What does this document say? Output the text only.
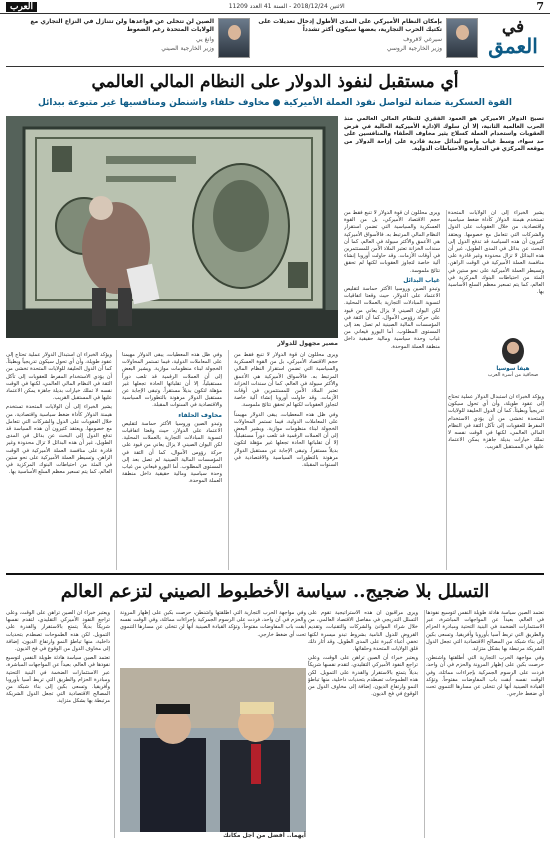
7
الاثنين 2018/12/24 - السنة 41 العدد 11209
العرب
في
العمق
بإمكان النظام الأميركي على المدى الأطول إدخال تعديلات على تكتيك الحرب التجارية، بعضها سيكون أكثر تشدداً
سيرغي لافروف
وزير الخارجية الروسي
الصين لن تتخلى عن قواعدها ولن تتنازل في النزاع التجاري مع الولايات المتحدة رغم الضغوط
وانغ يي
وزير الخارجية الصيني
أي مستقبل لنفوذ الدولار على النظام المالي العالمي
القوة العسكرية ضمانة لتواصل نفوذ العملة الأميركية ● مخاوف حلفاء واشنطن ومنافسيها غير متبوعة ببدائل
مصير مجهول للدولار
تصبح الدولار الأميركي هو العمود الفقري للنظام المالي العالمي منذ الحرب العالمية الثانية، إلا أن سلوك الإدارة الأميركية الحالية في فرض العقوبات واستخدام العملة كسلاح يثير مخاوف الحلفاء والمنافسين على حد سواء، وسط غياب واضح لبدائل جدية قادرة على إزاحة الدولار من موقعه المركزي في التجارة والاحتياطات الدولية.

يشير الخبراء إلى أن الولايات المتحدة تستخدم هيمنة الدولار كأداة ضغط سياسية واقتصادية، من خلال العقوبات على الدول والشركات التي تتعامل مع خصومها. ويعتقد كثيرون أن هذه السياسة قد تدفع الدول إلى البحث عن بدائل في المدى الطويل، غير أن هذه البدائل لا تزال محدودة وغير قادرة على منافسة العملة الأميركية في الوقت الراهن. وتسيطر العملة الأميركية على نحو ستين في المئة من احتياطات البنوك المركزية في العالم، كما يتم تسعير معظم السلع الأساسية بها.

ويرى محللون أن قوة الدولار لا تنبع فقط من حجم الاقتصاد الأميركي، بل من القوة العسكرية والسياسية التي تضمن استقرار النظام المالي المرتبط به. فالأسواق الأميركية هي الأعمق والأكثر سيولة في العالم، كما أن سندات الخزانة تعتبر الملاذ الآمن للمستثمرين في أوقات الأزمات. وقد حاولت أوروبا إنشاء آلية خاصة لتجاوز العقوبات لكنها لم تحقق نتائج ملموسة.

غياب البدائل

وتبدو الصين وروسيا الأكثر حماسة لتقليص الاعتماد على الدولار، حيث وقعتا اتفاقيات لتسوية المبادلات التجارية بالعملات المحلية. لكن اليوان الصيني لا يزال يعاني من قيود على حركة رؤوس الأموال، كما أن الثقة في المؤسسات المالية الصينية لم تصل بعد إلى المستوى المطلوب. أما اليورو فيعاني من غياب وحدة سياسية ومالية حقيقية داخل منطقة العملة الموحدة.

هيفا سوسيا
صحافية من أسرة العرب

ويؤكد الخبراء أن استبدال الدولار عملية تحتاج إلى عقود طويلة، وأن أي تحول سيكون تدريجياً وبطيئاً. كما أن الدول الحليفة للولايات المتحدة تخشى من أن يؤدي الاستخدام المفرط للعقوبات إلى تآكل الثقة في النظام المالي العالمي، لكنها في الوقت نفسه لا تملك خيارات بديلة جاهزة يمكن الاعتماد عليها في المستقبل القريب.

وفي ظل هذه المعطيات، يبقى الدولار مهيمناً على المعاملات الدولية، فيما تستمر المحاولات الخجولة لبناء منظومات موازية. ويشير البعض إلى أن العملات الرقمية قد تلعب دوراً مستقبلياً، إلا أن تقلباتها الحادة تجعلها غير مؤهلة لتكون بديلاً مستقراً. وتبقى الإجابة عن مستقبل الدولار مرهونة بالتطورات السياسية والاقتصادية في السنوات المقبلة.

مخاوف الحلفاء

وتبدو الصين وروسيا الأكثر حماسة لتقليص الاعتماد على الدولار، حيث وقعتا اتفاقيات لتسوية المبادلات التجارية بالعملات المحلية. لكن اليوان الصيني لا يزال يعاني من قيود على حركة رؤوس الأموال، كما أن الثقة في المؤسسات المالية الصينية لم تصل بعد إلى المستوى المطلوب. أما اليورو فيعاني من غياب وحدة سياسية ومالية حقيقية داخل منطقة العملة الموحدة.

ويؤكد الخبراء أن استبدال الدولار عملية تحتاج إلى عقود طويلة، وأن أي تحول سيكون تدريجياً وبطيئاً. كما أن الدول الحليفة للولايات المتحدة تخشى من أن يؤدي الاستخدام المفرط للعقوبات إلى تآكل الثقة في النظام المالي العالمي، لكنها في الوقت نفسه لا تملك خيارات بديلة جاهزة يمكن الاعتماد عليها في المستقبل القريب.

يشير الخبراء إلى أن الولايات المتحدة تستخدم هيمنة الدولار كأداة ضغط سياسية واقتصادية، من خلال العقوبات على الدول والشركات التي تتعامل مع خصومها. ويعتقد كثيرون أن هذه السياسة قد تدفع الدول إلى البحث عن بدائل في المدى الطويل، غير أن هذه البدائل لا تزال محدودة وغير قادرة على منافسة العملة الأميركية في الوقت الراهن. وتسيطر العملة الأميركية على نحو ستين في المئة من احتياطات البنوك المركزية في العالم، كما يتم تسعير معظم السلع الأساسية بها.

ويرى محللون أن قوة الدولار لا تنبع فقط من حجم الاقتصاد الأميركي، بل من القوة العسكرية والسياسية التي تضمن استقرار النظام المالي المرتبط به. فالأسواق الأميركية هي الأعمق والأكثر سيولة في العالم، كما أن سندات الخزانة تعتبر الملاذ الآمن للمستثمرين في أوقات الأزمات. وقد حاولت أوروبا إنشاء آلية خاصة لتجاوز العقوبات لكنها لم تحقق نتائج ملموسة.

وفي ظل هذه المعطيات، يبقى الدولار مهيمناً على المعاملات الدولية، فيما تستمر المحاولات الخجولة لبناء منظومات موازية. ويشير البعض إلى أن العملات الرقمية قد تلعب دوراً مستقبلياً، إلا أن تقلباتها الحادة تجعلها غير مؤهلة لتكون بديلاً مستقراً. وتبقى الإجابة عن مستقبل الدولار مرهونة بالتطورات السياسية والاقتصادية في السنوات المقبلة.

التسلل بلا ضجيج.. سياسة الأخطبوط الصيني لتزعم العالم

تعتمد الصين سياسة هادئة طويلة النفس لتوسيع نفوذها في العالم، بعيداً عن المواجهات المباشرة، عبر الاستثمارات الضخمة في البنية التحتية ومبادرة الحزام والطريق التي تربط آسيا بأوروبا وأفريقيا. وتسعى بكين إلى بناء شبكة من المصالح الاقتصادية التي تجعل الدول الشريكة مرتبطة بها بشكل متزايد.

وفي مواجهة الحرب التجارية التي أطلقتها واشنطن، حرصت بكين على إظهار المرونة والحزم في آن واحد، فردت على الرسوم الجمركية بإجراءات مماثلة، وفي الوقت نفسه أبقت باب المفاوضات مفتوحاً. وتؤكد القيادة الصينية أنها لن تتخلى عن مسارها التنموي تحت أي ضغط خارجي.

ويرى مراقبون أن هذه الاستراتيجية تقوم على التسلل التدريجي في مفاصل الاقتصاد العالمي، من خلال شراء الموانئ والشركات والتقنيات، وتقديم القروض للدول النامية بشروط تبدو ميسرة لكنها تخفي أعباء كبيرة على المدى الطويل. وقد أثار ذلك قلق الولايات المتحدة وحلفائها.

ويعتبر خبراء أن الصين تراهن على الوقت، وعلى تراجع النفوذ الأميركي التقليدي، لتقدم نفسها شريكاً بديلاً يتمتع بالاستقرار والقدرة على التمويل. لكن هذه الطموحات تصطدم بتحديات داخلية، منها تباطؤ النمو وارتفاع الديون، إضافة إلى مخاوف الدول من الوقوع في فخ الديون.

وفي مواجهة الحرب التجارية التي أطلقتها واشنطن، حرصت بكين على إظهار المرونة والحزم في آن واحد، فردت على الرسوم الجمركية بإجراءات مماثلة، وفي الوقت نفسه أبقت باب المفاوضات مفتوحاً. وتؤكد القيادة الصينية أنها لن تتخلى عن مسارها التنموي تحت أي ضغط خارجي.

ويعتبر خبراء أن الصين تراهن على الوقت، وعلى تراجع النفوذ الأميركي التقليدي، لتقدم نفسها شريكاً بديلاً يتمتع بالاستقرار والقدرة على التمويل. لكن هذه الطموحات تصطدم بتحديات داخلية، منها تباطؤ النمو وارتفاع الديون، إضافة إلى مخاوف الدول من الوقوع في فخ الديون.

تعتمد الصين سياسة هادئة طويلة النفس لتوسيع نفوذها في العالم، بعيداً عن المواجهات المباشرة، عبر الاستثمارات الضخمة في البنية التحتية ومبادرة الحزام والطريق التي تربط آسيا بأوروبا وأفريقيا. وتسعى بكين إلى بناء شبكة من المصالح الاقتصادية التي تجعل الدول الشريكة مرتبطة بها بشكل متزايد.

أيهما.. أفضل من أجل مكانك
